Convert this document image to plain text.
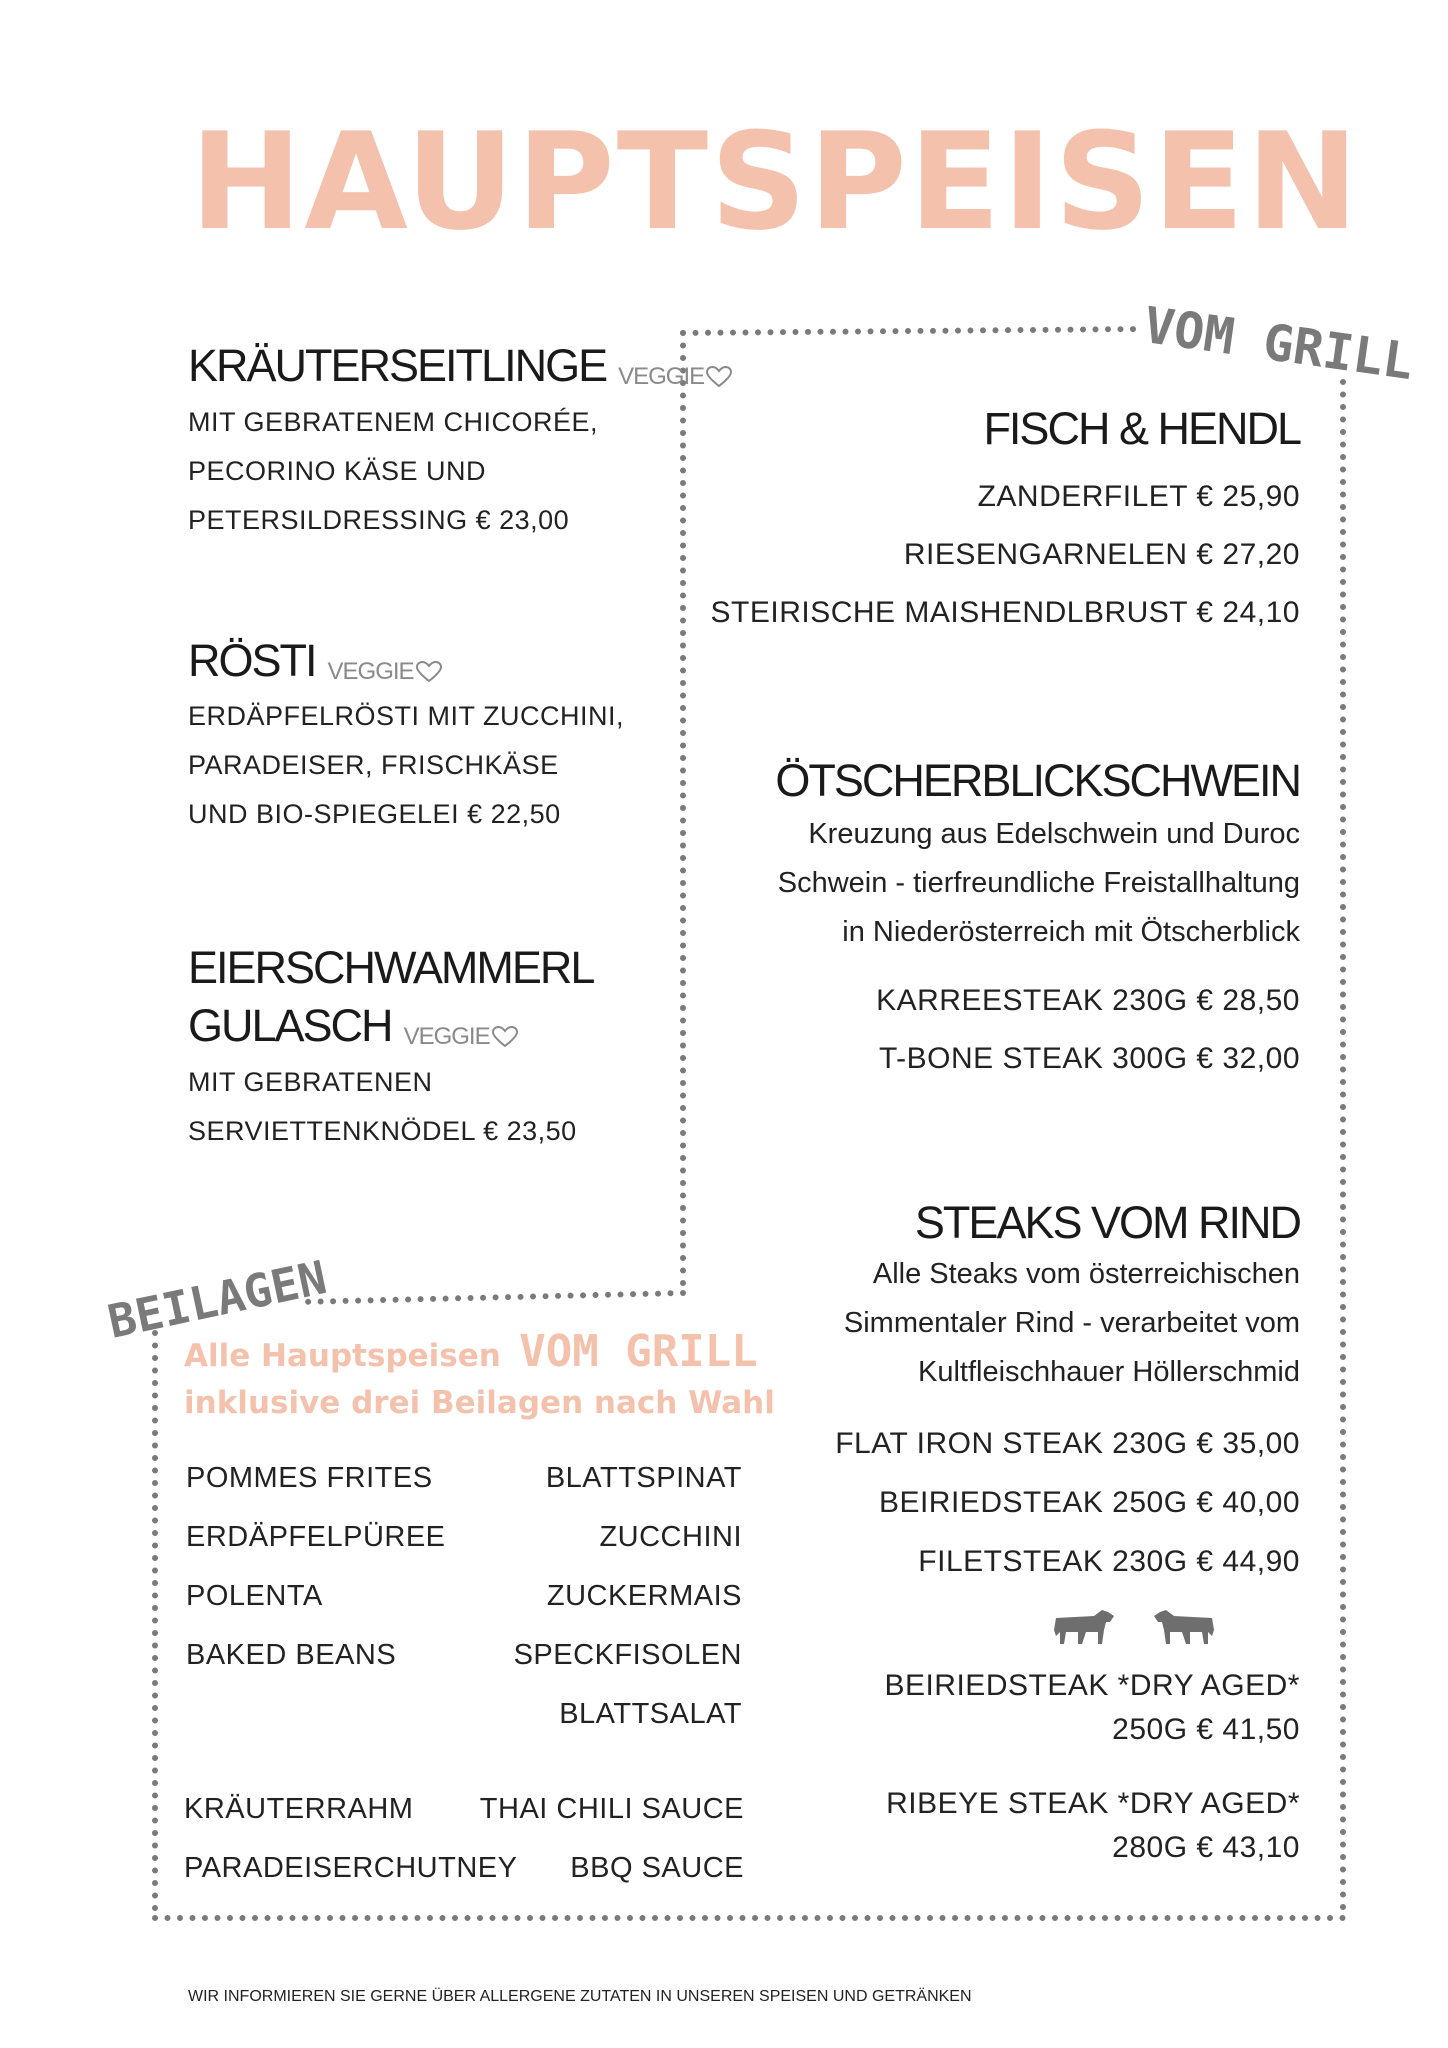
HAUPTSPEISEN
VOM GRILL
BEILAGEN
KRÄUTERSEITLINGE VEGGIE
MIT GEBRATENEM CHICORÉE,
PECORINO KÄSE UND
PETERSILDRESSING € 23,00
RÖSTI VEGGIE
ERDÄPFELRÖSTI MIT ZUCCHINI,
PARADEISER, FRISCHKÄSE
UND BIO-SPIEGELEI € 22,50
EIERSCHWAMMERL
GULASCH VEGGIE
MIT GEBRATENEN
SERVIETTENKNÖDEL € 23,50
FISCH & HENDL
ZANDERFILET € 25,90
RIESENGARNELEN € 27,20
STEIRISCHE MAISHENDLBRUST € 24,10
ÖTSCHERBLICKSCHWEIN
Kreuzung aus Edelschwein und Duroc
Schwein - tierfreundliche Freistallhaltung
in Niederösterreich mit Ötscherblick
KARREESTEAK 230G € 28,50
T-BONE STEAK 300G € 32,00
STEAKS VOM RIND
Alle Steaks vom österreichischen
Simmentaler Rind - verarbeitet vom
Kultfleischhauer Höllerschmid
FLAT IRON STEAK 230G € 35,00
BEIRIEDSTEAK 250G € 40,00
FILETSTEAK 230G € 44,90
BEIRIEDSTEAK *DRY AGED*
250G € 41,50
RIBEYE STEAK *DRY AGED*
280G € 43,10
Alle Hauptspeisen VOM GRILL
inklusive drei Beilagen nach Wahl
POMMES FRITES
ERDÄPFELPÜREE
POLENTA
BAKED BEANS
BLATTSPINAT
ZUCCHINI
ZUCKERMAIS
SPECKFISOLEN
BLATTSALAT
KRÄUTERRAHM
PARADEISERCHUTNEY
THAI CHILI SAUCE
BBQ SAUCE
WIR INFORMIEREN SIE GERNE ÜBER ALLERGENE ZUTATEN IN UNSEREN SPEISEN UND GETRÄNKEN
